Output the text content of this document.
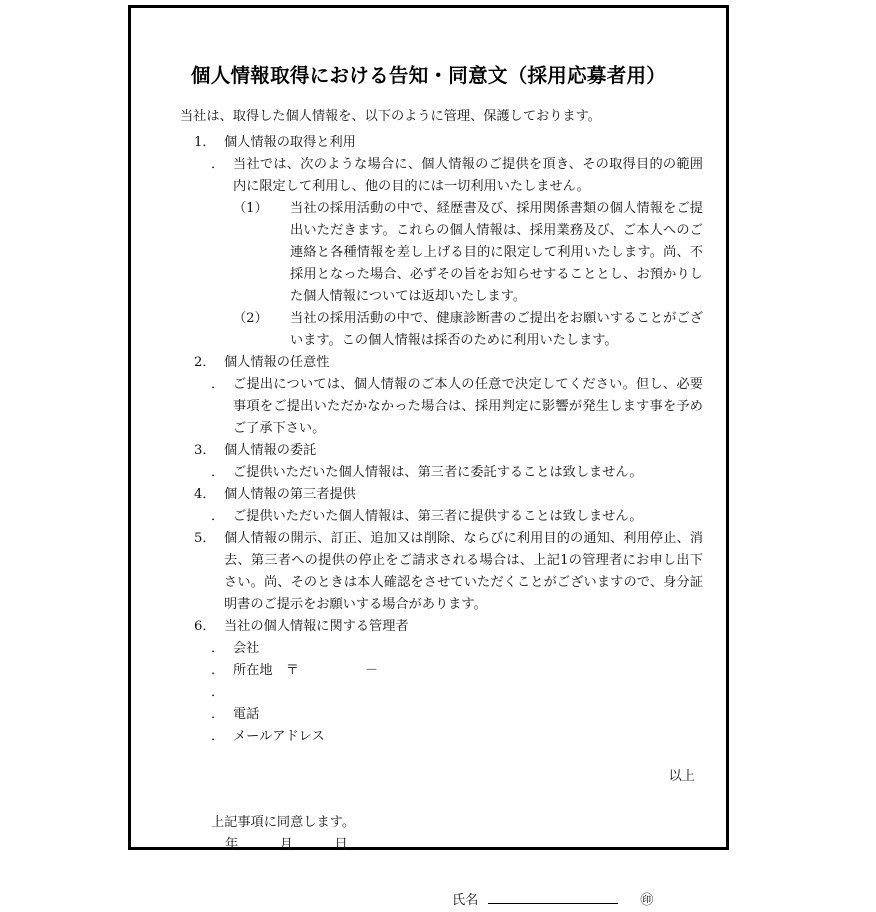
個人情報取得における告知・同意文（採用応募者用）

当社は、取得した個人情報を、以下のように管理、保護しております。

1． 個人情報の取得と利用
． 当社では、次のような場合に、個人情報のご提供を頂き、その取得目的の範囲内に限定して利用し、他の目的には一切利用いたしません。
（1）	当社の採用活動の中で、経歴書及び、採用関係書類の個人情報をご提出いただきます。これらの個人情報は、採用業務及び、ご本人へのご連絡と各種情報を差し上げる目的に限定して利用いたします。尚、不採用となった場合、必ずその旨をお知らせすることとし、お預かりした個人情報については返却いたします。
（2）	当社の採用活動の中で、健康診断書のご提出をお願いすることがございます。この個人情報は採否のために利用いたします。
2． 個人情報の任意性
． ご提出については、個人情報のご本人の任意で決定してください。但し、必要事項をご提出いただかなかった場合は、採用判定に影響が発生します事を予めご了承下さい。
3． 個人情報の委託
． ご提供いただいた個人情報は、第三者に委託することは致しません。
4． 個人情報の第三者提供
． ご提供いただいた個人情報は、第三者に提供することは致しません。
5． 個人情報の開示、訂正、追加又は削除、ならびに利用目的の通知、利用停止、消去、第三者への提供の停止をご請求される場合は、上記1の管理者にお申し出下さい。尚、そのときは本人確認をさせていただくことがございますので、身分証明書のご提示をお願いする場合があります。
6． 当社の個人情報に関する管理者
． 会社
． 所在地　〒　　　　　－
．
． 電話
． メールアドレス
以上
上記事項に同意します。
年　　　月　　　日
氏名	㊞
